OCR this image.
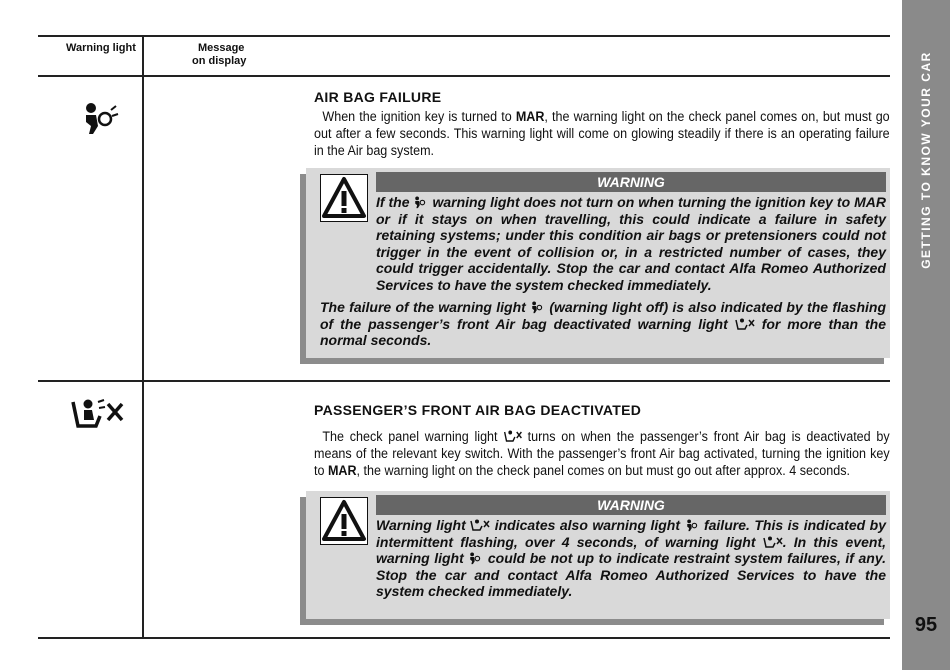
Warning light	Message
on display
AIR BAG FAILURE
When the ignition key is turned to MAR, the warning light on the check panel comes on, but must go out after a few seconds. This warning light will come on glowing steadily if there is an operating failure in the Air bag system.
WARNING

If the  warning light does not turn on when turning the ignition key to MAR or if it stays on when travelling, this could indicate a failure in safety retaining systems; under this condition air bags or pretensioners could not trigger in the event of collision or, in a restricted number of cases, they could trigger accidentally. Stop the car and contact Alfa Romeo Authorized Services to have the system checked immediately.

The failure of the warning light  (warning light off) is also indicated by the flashing of the passenger’s front Air bag deactivated warning light  for more than the normal seconds.

PASSENGER’S FRONT AIR BAG DEACTIVATED
The check panel warning light  turns on when the passenger’s front Air bag is deactivated by means of the relevant key switch. With the passenger’s front Air bag activated, turning the ignition key to MAR, the warning light on the check panel comes on but must go out after approx. 4 seconds.
WARNING

Warning light  indicates also warning light  failure. This is indicated by intermittent flashing, over 4 seconds, of warning light . In this event, warning light  could be not up to indicate restraint system failures, if any. Stop the car and contact Alfa Romeo Authorized Services to have the system checked immediately.

GETTING TO KNOW YOUR CAR
95
